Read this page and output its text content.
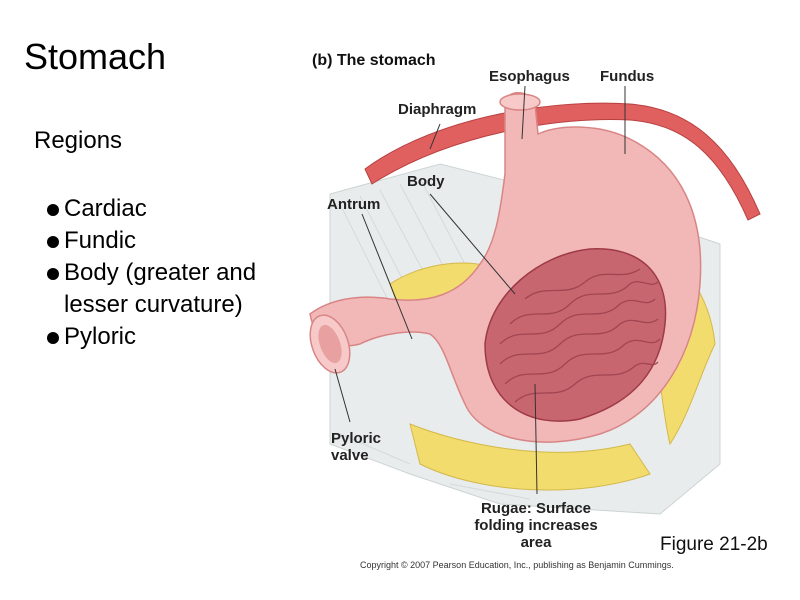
Stomach
Regions
Cardiac
Fundic
Body (greater and
lesser curvature)
Pyloric
(b) The stomach
Esophagus Fundus
Diaphragm
Body
Antrum
Pyloric
valve
Rugae: Surface
folding increases
area	Figure 21-2b
Copyright © 2007 Pearson Education, Inc., publishing as Benjamin Cummings.
